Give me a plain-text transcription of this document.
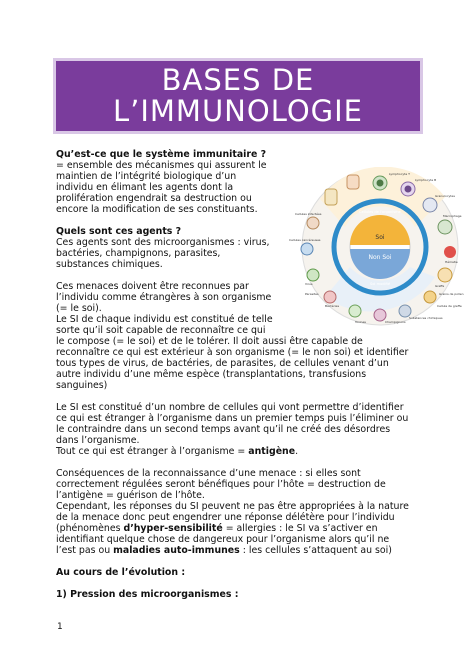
BASES DE
L’IMMUNOLOGIE
Qu’est-ce que le système immunitaire ?
= ensemble des mécanismes qui assurent le
maintien de l’intégrité biologique d’un
individu en élimant les agents dont la
prolifération engendrait sa destruction ou
encore la modification de ses constituants.
Quels sont ces agents ?
Ces agents sont des microorganismes : virus,
bactéries, champignons, parasites,
substances chimiques.
Ces menaces doivent être reconnues par
l’individu comme étrangères à son organisme
(= le soi).
Le SI de chaque individu est constitué de telle
sorte qu’il soit capable de reconnaître ce qui
le compose (= le soi) et de le tolérer. Il doit aussi être capable de
reconnaître ce qui est extérieur à son organisme (= le non soi) et identifier
tous types de virus, de bactéries, de parasites, de cellules venant d’un
autre individu d’une même espèce (transplantations, transfusions
sanguines)
Le SI est constitué d’un nombre de cellules qui vont permettre d’identifier
ce qui est étranger à l’organisme dans un premier temps puis l’éliminer ou
le contraindre dans un second temps avant qu’il ne créé des désordres
dans l’organisme.
Tout ce qui est étranger à l’organisme = antigène.
Conséquences de la reconnaissance d’une menace : si elles sont
correctement régulées seront bénéfiques pour l’hôte = destruction de
l’antigène = guérison de l’hôte.
Cependant, les réponses du SI peuvent ne pas être appropriées à la nature
de la menace donc peut engendrer une réponse délétère pour l’individu
(phénomènes d’hyper-sensibilité = allergies : le SI va s’activer en
identifiant quelque chose de dangereux pour l’organisme alors qu’il ne
l’est pas ou maladies auto-immunes : les cellules s’attaquent au soi)
Au cours de l’évolution :
1) Pression des microorganismes :
1
Soi
Non Soi
Cellules de l'organisme
Soi modifié
Lymphocyte T
Lymphocyte B
Granulocytes
Macrophage
Hématie
Greffe
Cellules cancéreuses
Cellules infectées
Virus
Bactéries
Parasites
Champignons
Toxines
Substances chimiques
Cellule de greffe
Grains de pollen
